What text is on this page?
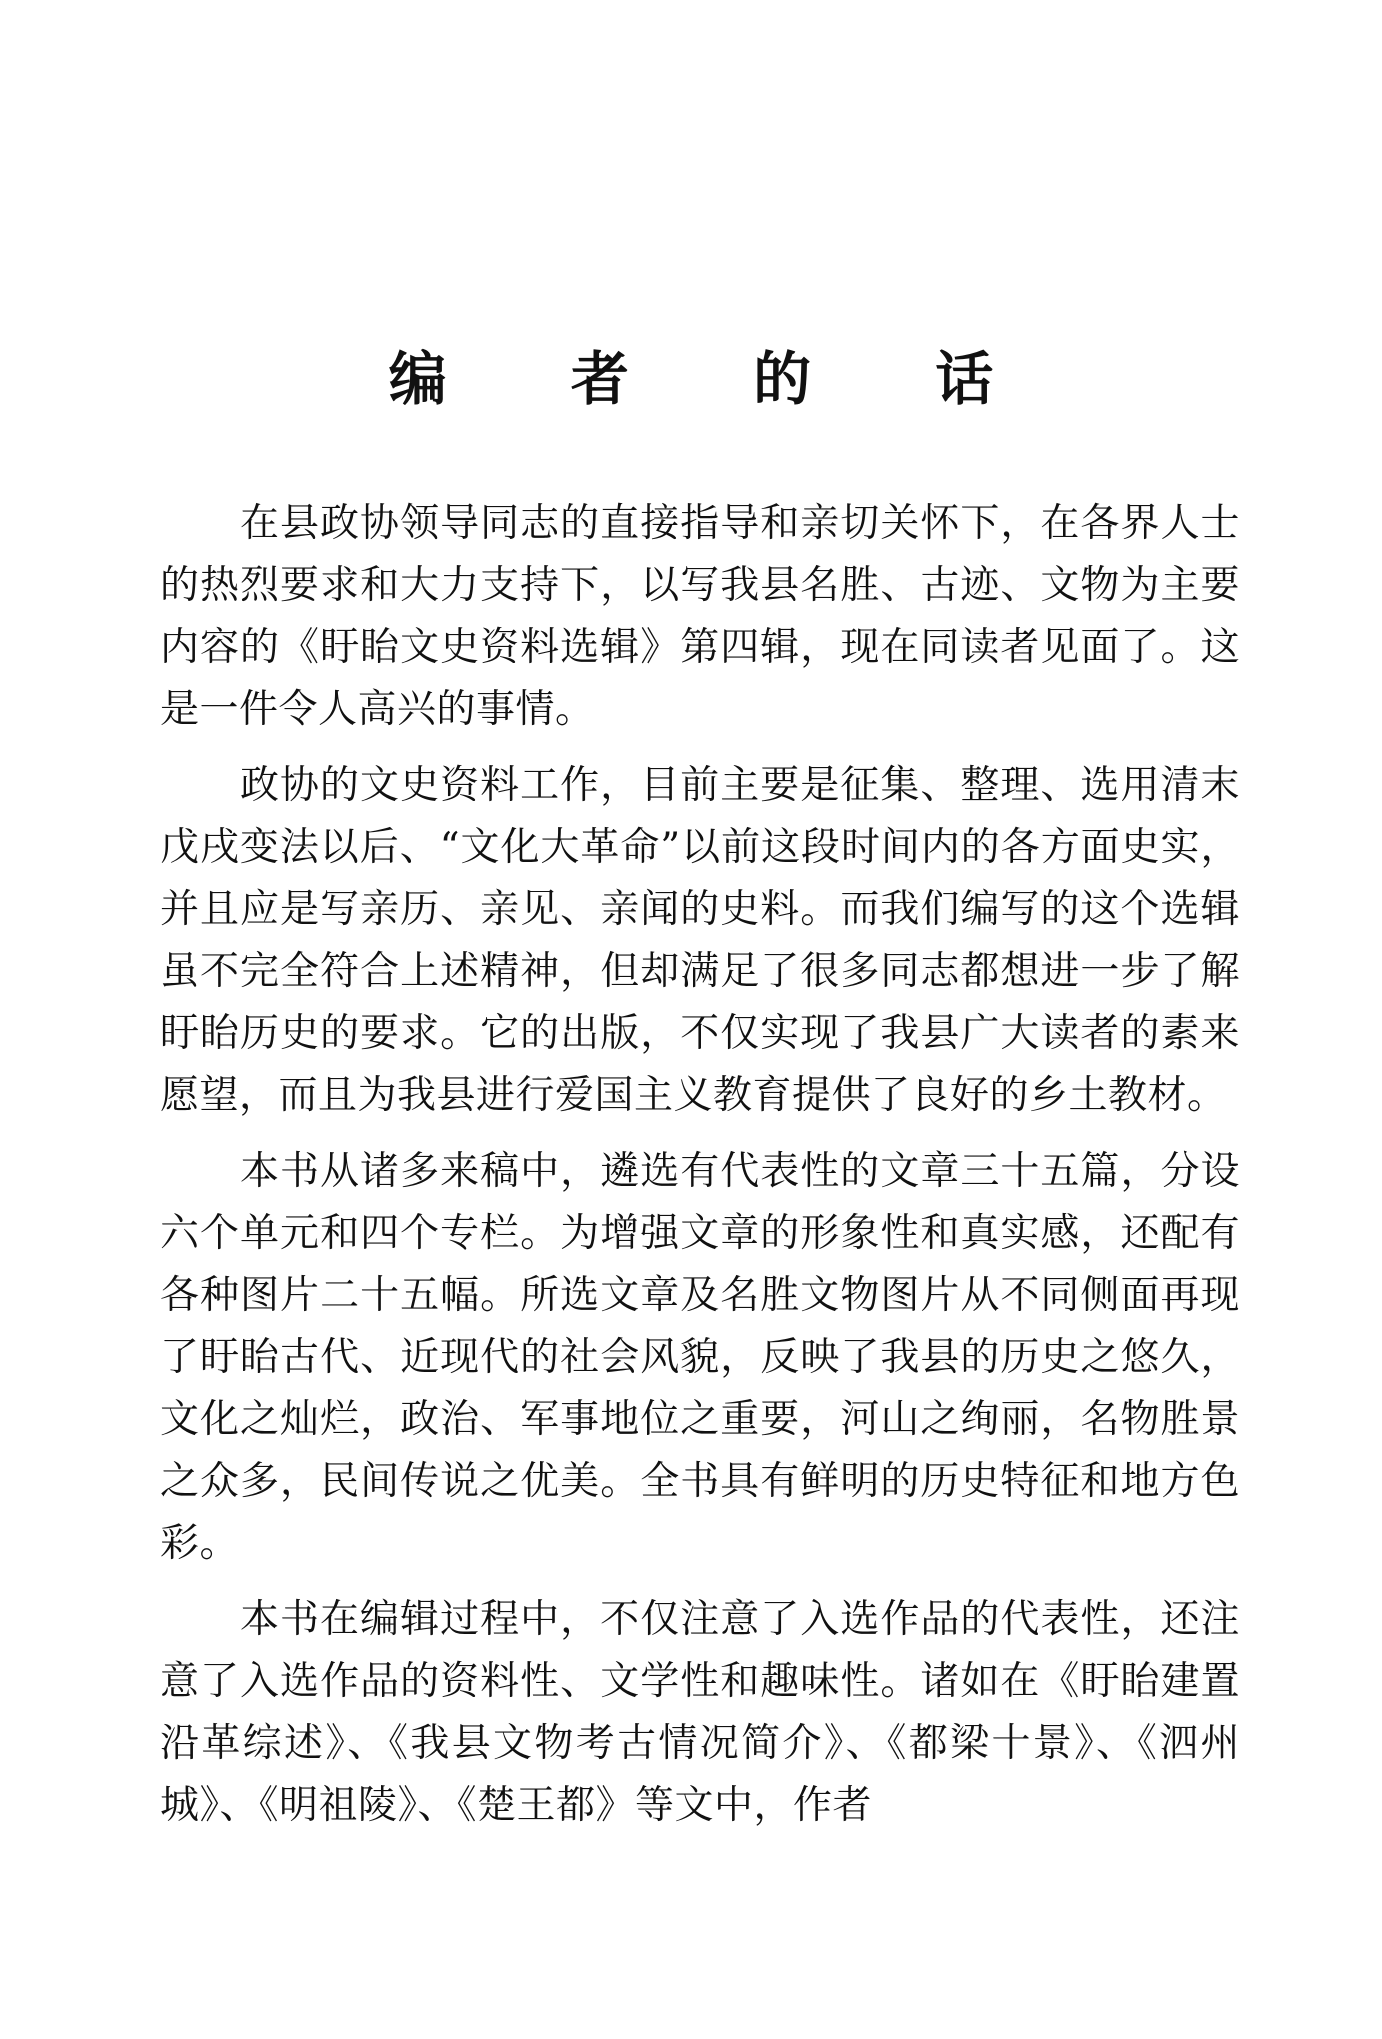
编 者 的 话

在县政协领导同志的直接指导和亲切关怀下，在各界人士的热烈要求和大力支持下，以写我县名胜、古迹、文物为主要内容的《盱眙文史资料选辑》第四辑，现在同读者见面了。这是一件令人高兴的事情。

政协的文史资料工作，目前主要是征集、整理、选用清末戊戌变法以后、“文化大革命”以前这段时间内的各方面史实，并且应是写亲历、亲见、亲闻的史料。而我们编写的这个选辑虽不完全符合上述精神，但却满足了很多同志都想进一步了解盱眙历史的要求。它的出版，不仅实现了我县广大读者的素来愿望，而且为我县进行爱国主义教育提供了良好的乡土教材。

本书从诸多来稿中，遴选有代表性的文章三十五篇，分设六个单元和四个专栏。为增强文章的形象性和真实感，还配有各种图片二十五幅。所选文章及名胜文物图片从不同侧面再现了盱眙古代、近现代的社会风貌，反映了我县的历史之悠久，文化之灿烂，政治、军事地位之重要，河山之绚丽，名物胜景之众多，民间传说之优美。全书具有鲜明的历史特征和地方色彩。

本书在编辑过程中，不仅注意了入选作品的代表性，还注意了入选作品的资料性、文学性和趣味性。诸如在《盱眙建置沿革综述》、《我县文物考古情况简介》、《都梁十景》、《泗州城》、《明祖陵》、《楚王都》等文中，作者
